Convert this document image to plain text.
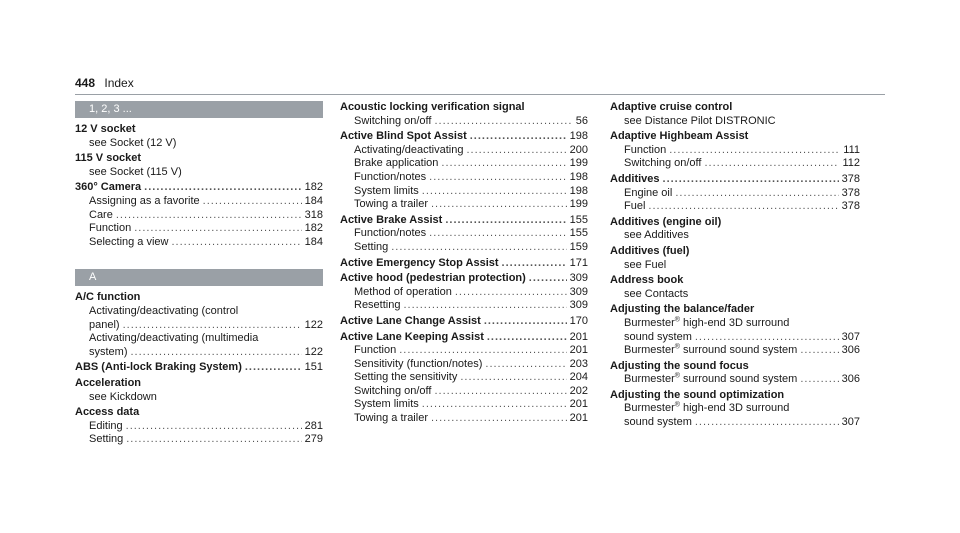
448 Index
1, 2, 3 ...
12 V socket
see Socket (12 V)
115 V socket
see Socket (115 V)
360° Camera .....	182
Assigning as a favorite .....	184
Care .....	318
Function .....	182
Selecting a view .....	184
A
A/C function
Activating/deactivating (control
panel) .....	122
Activating/deactivating (multimedia
system) .....	122
ABS (Anti-lock Braking System) .....	151
Acceleration
see Kickdown
Access data
Editing .....	281
Setting .....	279
Acoustic locking verification signal
Switching on/off .....	56
Active Blind Spot Assist .....	198
Activating/deactivating .....	200
Brake application .....	199
Function/notes .....	198
System limits .....	198
Towing a trailer .....	199
Active Brake Assist .....	155
Function/notes .....	155
Setting .....	159
Active Emergency Stop Assist .....	171
Active hood (pedestrian protection) .....	309
Method of operation .....	309
Resetting .....	309
Active Lane Change Assist .....	170
Active Lane Keeping Assist .....	201
Function .....	201
Sensitivity (function/notes) .....	203
Setting the sensitivity .....	204
Switching on/off .....	202
System limits .....	201
Towing a trailer .....	201
Adaptive cruise control
see Distance Pilot DISTRONIC
Adaptive Highbeam Assist
Function .....	111
Switching on/off .....	112
Additives .....	378
Engine oil .....	378
Fuel .....	378
Additives (engine oil)
see Additives
Additives (fuel)
see Fuel
Address book
see Contacts
Adjusting the balance/fader
Burmester® high-end 3D surround
sound system .....	307
Burmester® surround sound system .....	306
Adjusting the sound focus
Burmester® surround sound system .....	306
Adjusting the sound optimization
Burmester® high-end 3D surround
sound system .....	307
